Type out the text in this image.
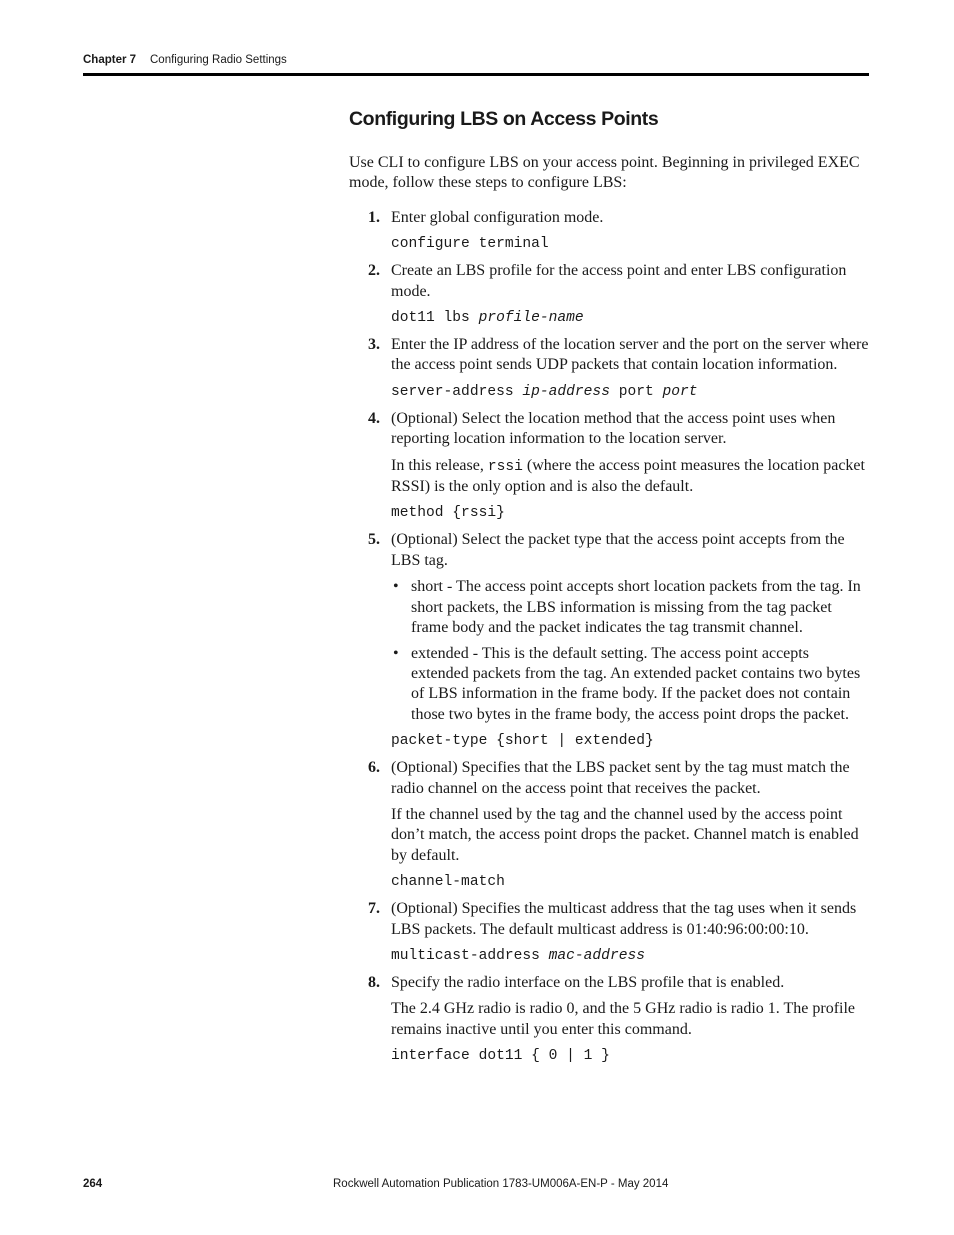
Chapter 7 Configuring Radio Settings
Configuring LBS on Access Points

Use CLI to configure LBS on your access point. Beginning in privileged EXEC mode, follow these steps to configure LBS:

1. Enter global configuration mode.

configure terminal
2. Create an LBS profile for the access point and enter LBS configuration mode.

dot11 lbs profile-name
3. Enter the IP address of the location server and the port on the server where the access point sends UDP packets that contain location information.

server-address ip-address port port
4. (Optional) Select the location method that the access point uses when reporting location information to the location server.

In this release, rssi (where the access point measures the location packet RSSI) is the only option and is also the default.

method {rssi}
5. (Optional) Select the packet type that the access point accepts from the LBS tag.

• short - The access point accepts short location packets from the tag. In short packets, the LBS information is missing from the tag packet frame body and the packet indicates the tag transmit channel.
• extended - This is the default setting. The access point accepts extended packets from the tag. An extended packet contains two bytes of LBS information in the frame body. If the packet does not contain those two bytes in the frame body, the access point drops the packet.
packet-type {short | extended}
6. (Optional) Specifies that the LBS packet sent by the tag must match the radio channel on the access point that receives the packet.

If the channel used by the tag and the channel used by the access point don’t match, the access point drops the packet. Channel match is enabled by default.

channel-match
7. (Optional) Specifies the multicast address that the tag uses when it sends LBS packets. The default multicast address is 01:40:96:00:00:10.

multicast-address mac-address
8. Specify the radio interface on the LBS profile that is enabled.

The 2.4 GHz radio is radio 0, and the 5 GHz radio is radio 1. The profile remains inactive until you enter this command.

interface dot11 { 0 | 1 }
264	Rockwell Automation Publication 1783-UM006A-EN-P - May 2014
